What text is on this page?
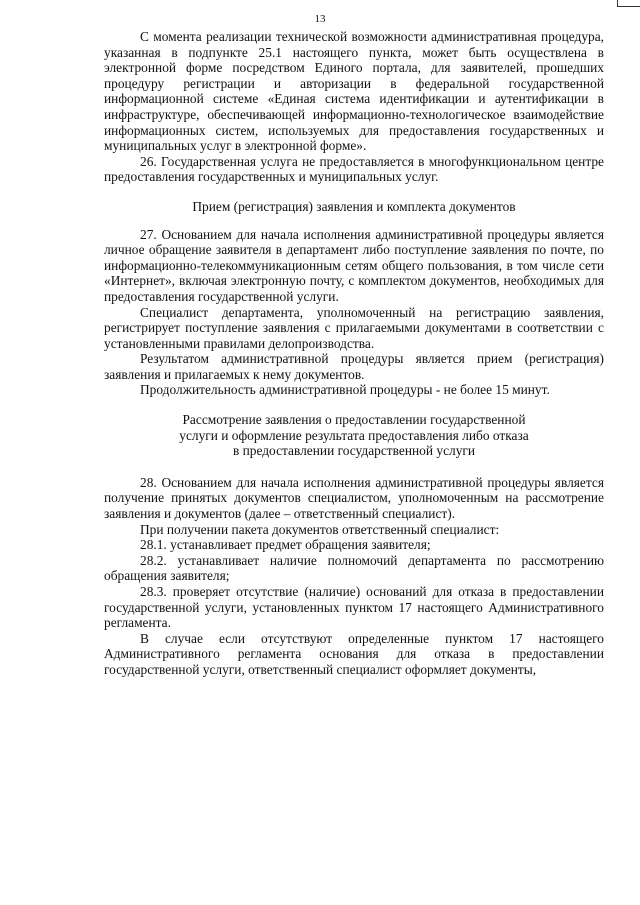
13

С момента реализации технической возможности административная процедура, указанная в подпункте 25.1 настоящего пункта, может быть осуществлена в электронной форме посредством Единого портала, для заявителей, прошедших процедуру регистрации и авторизации в федеральной государственной информационной системе «Единая система идентификации и аутентификации в инфраструктуре, обеспечивающей информационно-технологическое взаимодействие информационных систем, используемых для предоставления государственных и муниципальных услуг в электронной форме».

26. Государственная услуга не предоставляется в многофункциональном центре предоставления государственных и муниципальных услуг.

Прием (регистрация) заявления и комплекта документов

27. Основанием для начала исполнения административной процедуры является личное обращение заявителя в департамент либо поступление заявления по почте, по информационно-телекоммуникационным сетям общего пользования, в том числе сети «Интернет», включая электронную почту, с комплектом документов, необходимых для предоставления государственной услуги.

Специалист департамента, уполномоченный на регистрацию заявления, регистрирует поступление заявления с прилагаемыми документами в соответствии с установленными правилами делопроизводства.

Результатом административной процедуры является прием (регистрация) заявления и прилагаемых к нему документов.

Продолжительность административной процедуры - не более 15 минут.

Рассмотрение заявления о предоставлении государственной
услуги и оформление результата предоставления либо отказа
в предоставлении государственной услуги

28. Основанием для начала исполнения административной процедуры является получение принятых документов специалистом, уполномоченным на рассмотрение заявления и документов (далее – ответственный специалист).

При получении пакета документов ответственный специалист:

28.1. устанавливает предмет обращения заявителя;

28.2. устанавливает наличие полномочий департамента по рассмотрению обращения заявителя;

28.3. проверяет отсутствие (наличие) оснований для отказа в предоставлении государственной услуги, установленных пунктом 17 настоящего Административного регламента.

В случае если отсутствуют определенные пунктом 17 настоящего Административного регламента основания для отказа в предоставлении государственной услуги, ответственный специалист оформляет документы,
